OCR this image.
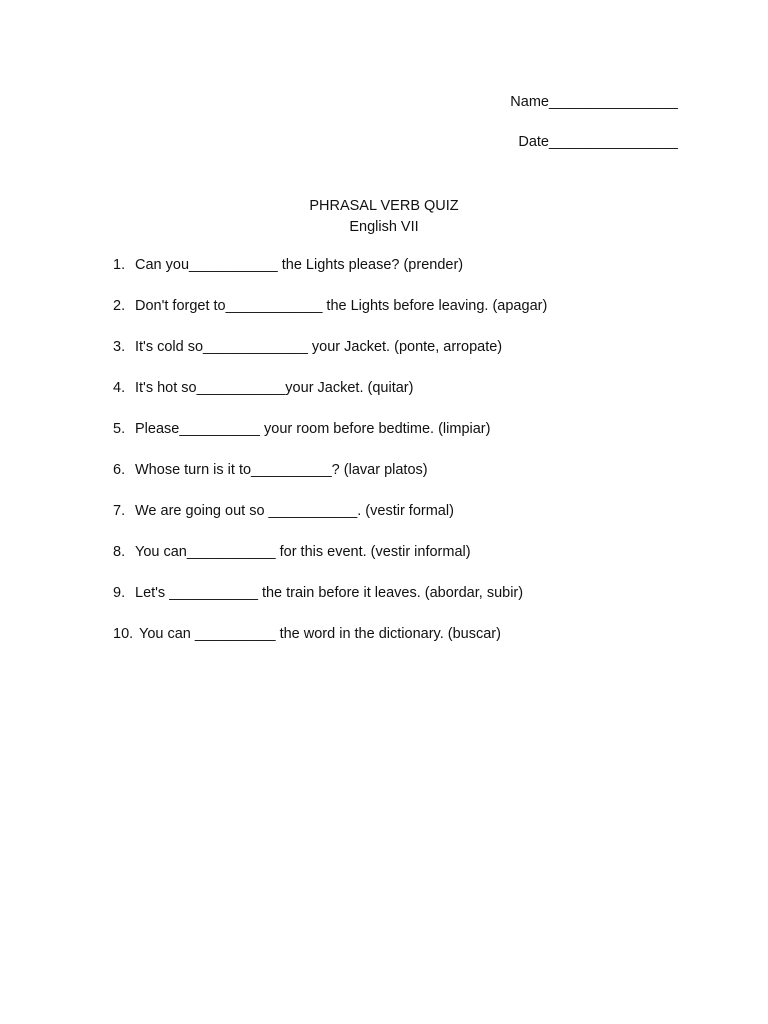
Name________________
Date________________
PHRASAL VERB QUIZ
English VII
1. Can you___________ the Lights please? (prender)
2. Don't forget to____________ the Lights before leaving. (apagar)
3. It's cold so_____________ your Jacket. (ponte, arropate)
4. It's hot so___________your Jacket. (quitar)
5. Please__________ your room before bedtime. (limpiar)
6. Whose turn is it to__________? (lavar platos)
7. We are going out so ___________. (vestir formal)
8. You can___________ for this event. (vestir informal)
9. Let's ___________ the train before it leaves. (abordar, subir)
10. You can __________ the word in the dictionary. (buscar)
